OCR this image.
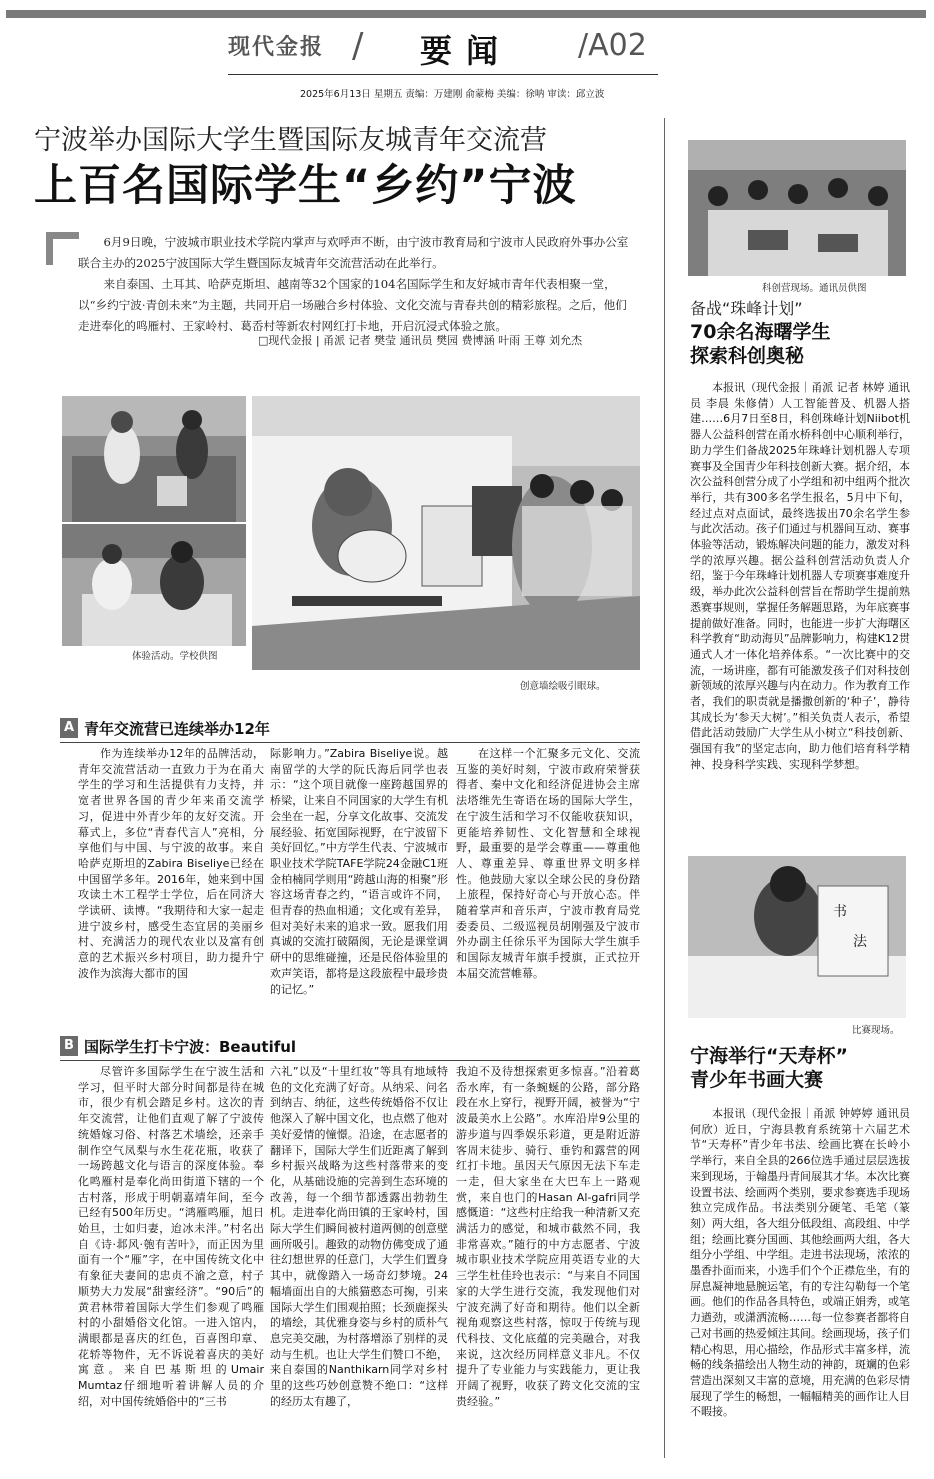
现代金报 / 要闻 /A02
2025年6月13日 星期五 责编：万建刚 俞蒙梅 美编：徐呐 审读：邱立波
宁波举办国际大学生暨国际友城青年交流营
上百名国际学生“乡约”宁波

6月9日晚，宁波城市职业技术学院内掌声与欢呼声不断，由宁波市教育局和宁波市人民政府外事办公室联合主办的2025宁波国际大学生暨国际友城青年交流营活动在此举行。

来自泰国、土耳其、哈萨克斯坦、越南等32个国家的104名国际学生和友好城市青年代表相聚一堂，以“乡约宁波·青创未来”为主题，共同开启一场融合乡村体验、文化交流与青春共创的精彩旅程。之后，他们走进奉化的鸣雁村、王家岭村、葛岙村等新农村网红打卡地，开启沉浸式体验之旅。

□现代金报 | 甬派 记者 樊莹 通讯员 樊园 费博涵 叶雨 王尊 刘允杰
体验活动。学校供图
创意墙绘吸引眼球。
A 青年交流营已连续举办12年

作为连续举办12年的品牌活动，青年交流营活动一直致力于为在甬大学生的学习和生活提供有力支持，并宽者世界各国的青少年来甬交流学习，促进中外青少年的友好交流。开幕式上，多位“青春代言人”亮相，分享他们与中国、与宁波的故事。来自哈萨克斯坦的Zabira Biseliye已经在中国留学多年。2016年，她来到中国攻读土木工程学士学位，后在同济大学读研、读博。“我期待和大家一起走进宁波乡村，感受生态宜居的美丽乡村、充满活力的现代农业以及富有创意的艺术振兴乡村项目，助力提升宁波作为滨海大都市的国

际影响力。”Zabira Biseliye说。越南留学的大学的阮氏海后同学也表示：“这个项目就像一座跨越国界的桥梁，让来自不同国家的大学生有机会坐在一起，分享文化故事、交流发展经验、拓宽国际视野，在宁波留下美好回忆。”中方学生代表、宁波城市职业技术学院TAFE学院24金融C1班金柏楠同学则用“跨越山海的相聚”形容这场青春之约，“语言或许不同，但青春的热血相通；文化或有差异，但对美好未来的追求一致。愿我们用真诚的交流打破隔阂，无论是课堂调研中的思维碰撞，还是民俗体验里的欢声笑语，都将是这段旅程中最珍贵的记忆。”

在这样一个汇聚多元文化、交流互鉴的美好时刻，宁波市政府荣誉获得者、秦中文化和经济促进协会主席法塔维先生寄语在场的国际大学生，在宁波生活和学习不仅能收获知识，更能培养韧性、文化智慧和全球视野，最重要的是学会尊重——尊重他人、尊重差异、尊重世界文明多样性。他鼓励大家以全球公民的身份踏上旅程，保持好奇心与开放心态。伴随着掌声和音乐声，宁波市教育局党委委员、二级巡视员胡刚强及宁波市外办副主任徐乐平为国际大学生旗手和国际友城青年旗手授旗，正式拉开本届交流营帷幕。

B 国际学生打卡宁波：Beautiful

尽管许多国际学生在宁波生活和学习，但平时大部分时间都是待在城市，很少有机会踏足乡村。这次的青年交流营，让他们直观了解了宁波传统婚嫁习俗、村落艺术墙绘，还亲手制作空气凤梨与水生花花瓶，收获了一场跨越文化与语言的深度体验。奉化鸣雁村是奉化尚田街道下辖的一个古村落，形成于明朝嘉靖年间，至今已经有500年历史。“鸿雁鸣雁，旭日始旦，士如归妻，迨冰未泮。”村名出自《诗·邶风·匏有苦叶》，而正因为里面有一个“雁”字，在中国传统文化中有象征夫妻间的忠贞不渝之意，村子顺势大力发展“甜蜜经济”。“90后”的黄君林带着国际大学生们参观了鸣雁村的小甜婚俗文化馆。一进入馆内，满眼都是喜庆的红色，百喜图印章、花轿等物件，无不诉说着喜庆的美好寓意。来自巴基斯坦的Umair Mumtaz仔细地听着讲解人员的介绍，对中国传统婚俗中的“三书

六礼”以及“十里红妆”等具有地域特色的文化充满了好奇。从纳采、问名到纳吉、纳征，这些传统婚俗不仅让他深入了解中国文化，也点燃了他对美好爱情的憧憬。沿途，在志愿者的翻译下，国际大学生们近距离了解到乡村振兴战略为这些村落带来的变化，从基础设施的完善到生态环境的改善，每一个细节都透露出勃勃生机。走进奉化尚田镇的王家岭村，国际大学生们瞬间被村道两侧的创意壁画所吸引。趣致的动物仿佛变成了通往幻想世界的任意门，大学生们置身其中，就像踏入一场奇幻梦境。24幅墙面出自的大熊猫憨态可掬，引来国际大学生们围观拍照；长颈鹿探头的墙绘，其优雅身姿与乡村的质朴气息完美交融，为村落增添了别样的灵动与生机。也让大学生们赞口不绝，来自泰国的Nanthikarn同学对乡村里的这些巧妙创意赞不绝口：“这样的经历太有趣了，

我迫不及待想探索更多惊喜。”沿着葛岙水库，有一条蜿蜒的公路，部分路段在水上穿行，视野开阔，被誉为“宁波最美水上公路”。水库沿岸9公里的游步道与四季娱乐彩道，更是附近游客周末徒步、骑行、垂钓和露营的网红打卡地。虽因天气原因无法下车走一走，但大家坐在大巴车上一路观赏，来自也门的Hasan Al-gafri同学感慨道：“这些村庄给我一种清新又充满活力的感觉，和城市截然不同，我非常喜欢。”随行的中方志愿者、宁波城市职业技术学院应用英语专业的大三学生杜佳玲也表示：“与来自不同国家的大学生进行交流，我发现他们对宁波充满了好奇和期待。他们以全新视角观察这些村落，惊叹于传统与现代科技、文化底蕴的完美融合，对我来说，这次经历同样意义非凡。不仅提升了专业能力与实践能力，更让我开阔了视野，收获了跨文化交流的宝贵经验。”

科创营现场。通讯员供图
备战“珠峰计划”
70余名海曙学生
探索科创奥秘

本报讯（现代金报｜甬派 记者 林婷 通讯员 李晨 朱修倩）人工智能普及、机器人搭建……6月7日至8日，科创珠峰计划Niibot机器人公益科创营在甬水桥科创中心顺利举行，助力学生们备战2025年珠峰计划机器人专项赛事及全国青少年科技创新大赛。据介绍，本次公益科创营分成了小学组和初中组两个批次举行，共有300多名学生报名，5月中下旬，经过点对点面试，最终选拔出70余名学生参与此次活动。孩子们通过与机器间互动、赛事体验等活动，锻炼解决问题的能力，激发对科学的浓厚兴趣。据公益科创营活动负责人介绍，鉴于今年珠峰计划机器人专项赛事难度升级，举办此次公益科创营旨在帮助学生提前熟悉赛事规则，掌握任务解题思路，为年底赛事提前做好准备。同时，也能进一步扩大海曙区科学教育“助动海贝”品牌影响力，构建K12贯通式人才一体化培养体系。“一次比赛中的交流，一场讲座，都有可能激发孩子们对科技创新领域的浓厚兴趣与内在动力。作为教育工作者，我们的职责就是播撒创新的‘种子’，静待其成长为‘参天大树’。”相关负责人表示，希望借此活动鼓励广大学生从小树立“科技创新、强国有我”的坚定志向，助力他们培育科学精神、投身科学实践、实现科学梦想。

书
法
比赛现场。
宁海举行“天寿杯”
青少年书画大赛

本报讯（现代金报｜甬派 钟婷婷 通讯员 何欣）近日，宁海县教育系统第十六届艺术节“天寿杯”青少年书法、绘画比赛在长岭小学举行，来自全县的266位选手通过层层选拔来到现场，于翰墨丹青间展其才华。本次比赛设置书法、绘画两个类别，要求参赛选手现场独立完成作品。书法类别分硬笔、毛笔（篆刻）两大组，各大组分低段组、高段组、中学组；绘画比赛分国画、其他绘画两大组，各大组分小学组、中学组。走进书法现场，浓浓的墨香扑面而来，小选手们个个正襟危坐，有的屏息凝神地悬腕运笔，有的专注勾勒每一个笔画。他们的作品各具特色，或端正娟秀，或笔力遒劲，或潇洒流畅……每一位参赛者都将自己对书画的热爱倾注其间。绘画现场，孩子们精心构思，用心描绘，作品形式丰富多样，流畅的线条描绘出人物生动的神韵，斑斓的色彩营造出深刻又丰富的意境，用充满的色彩尽情展现了学生的畅想，一幅幅精美的画作让人目不暇接。
